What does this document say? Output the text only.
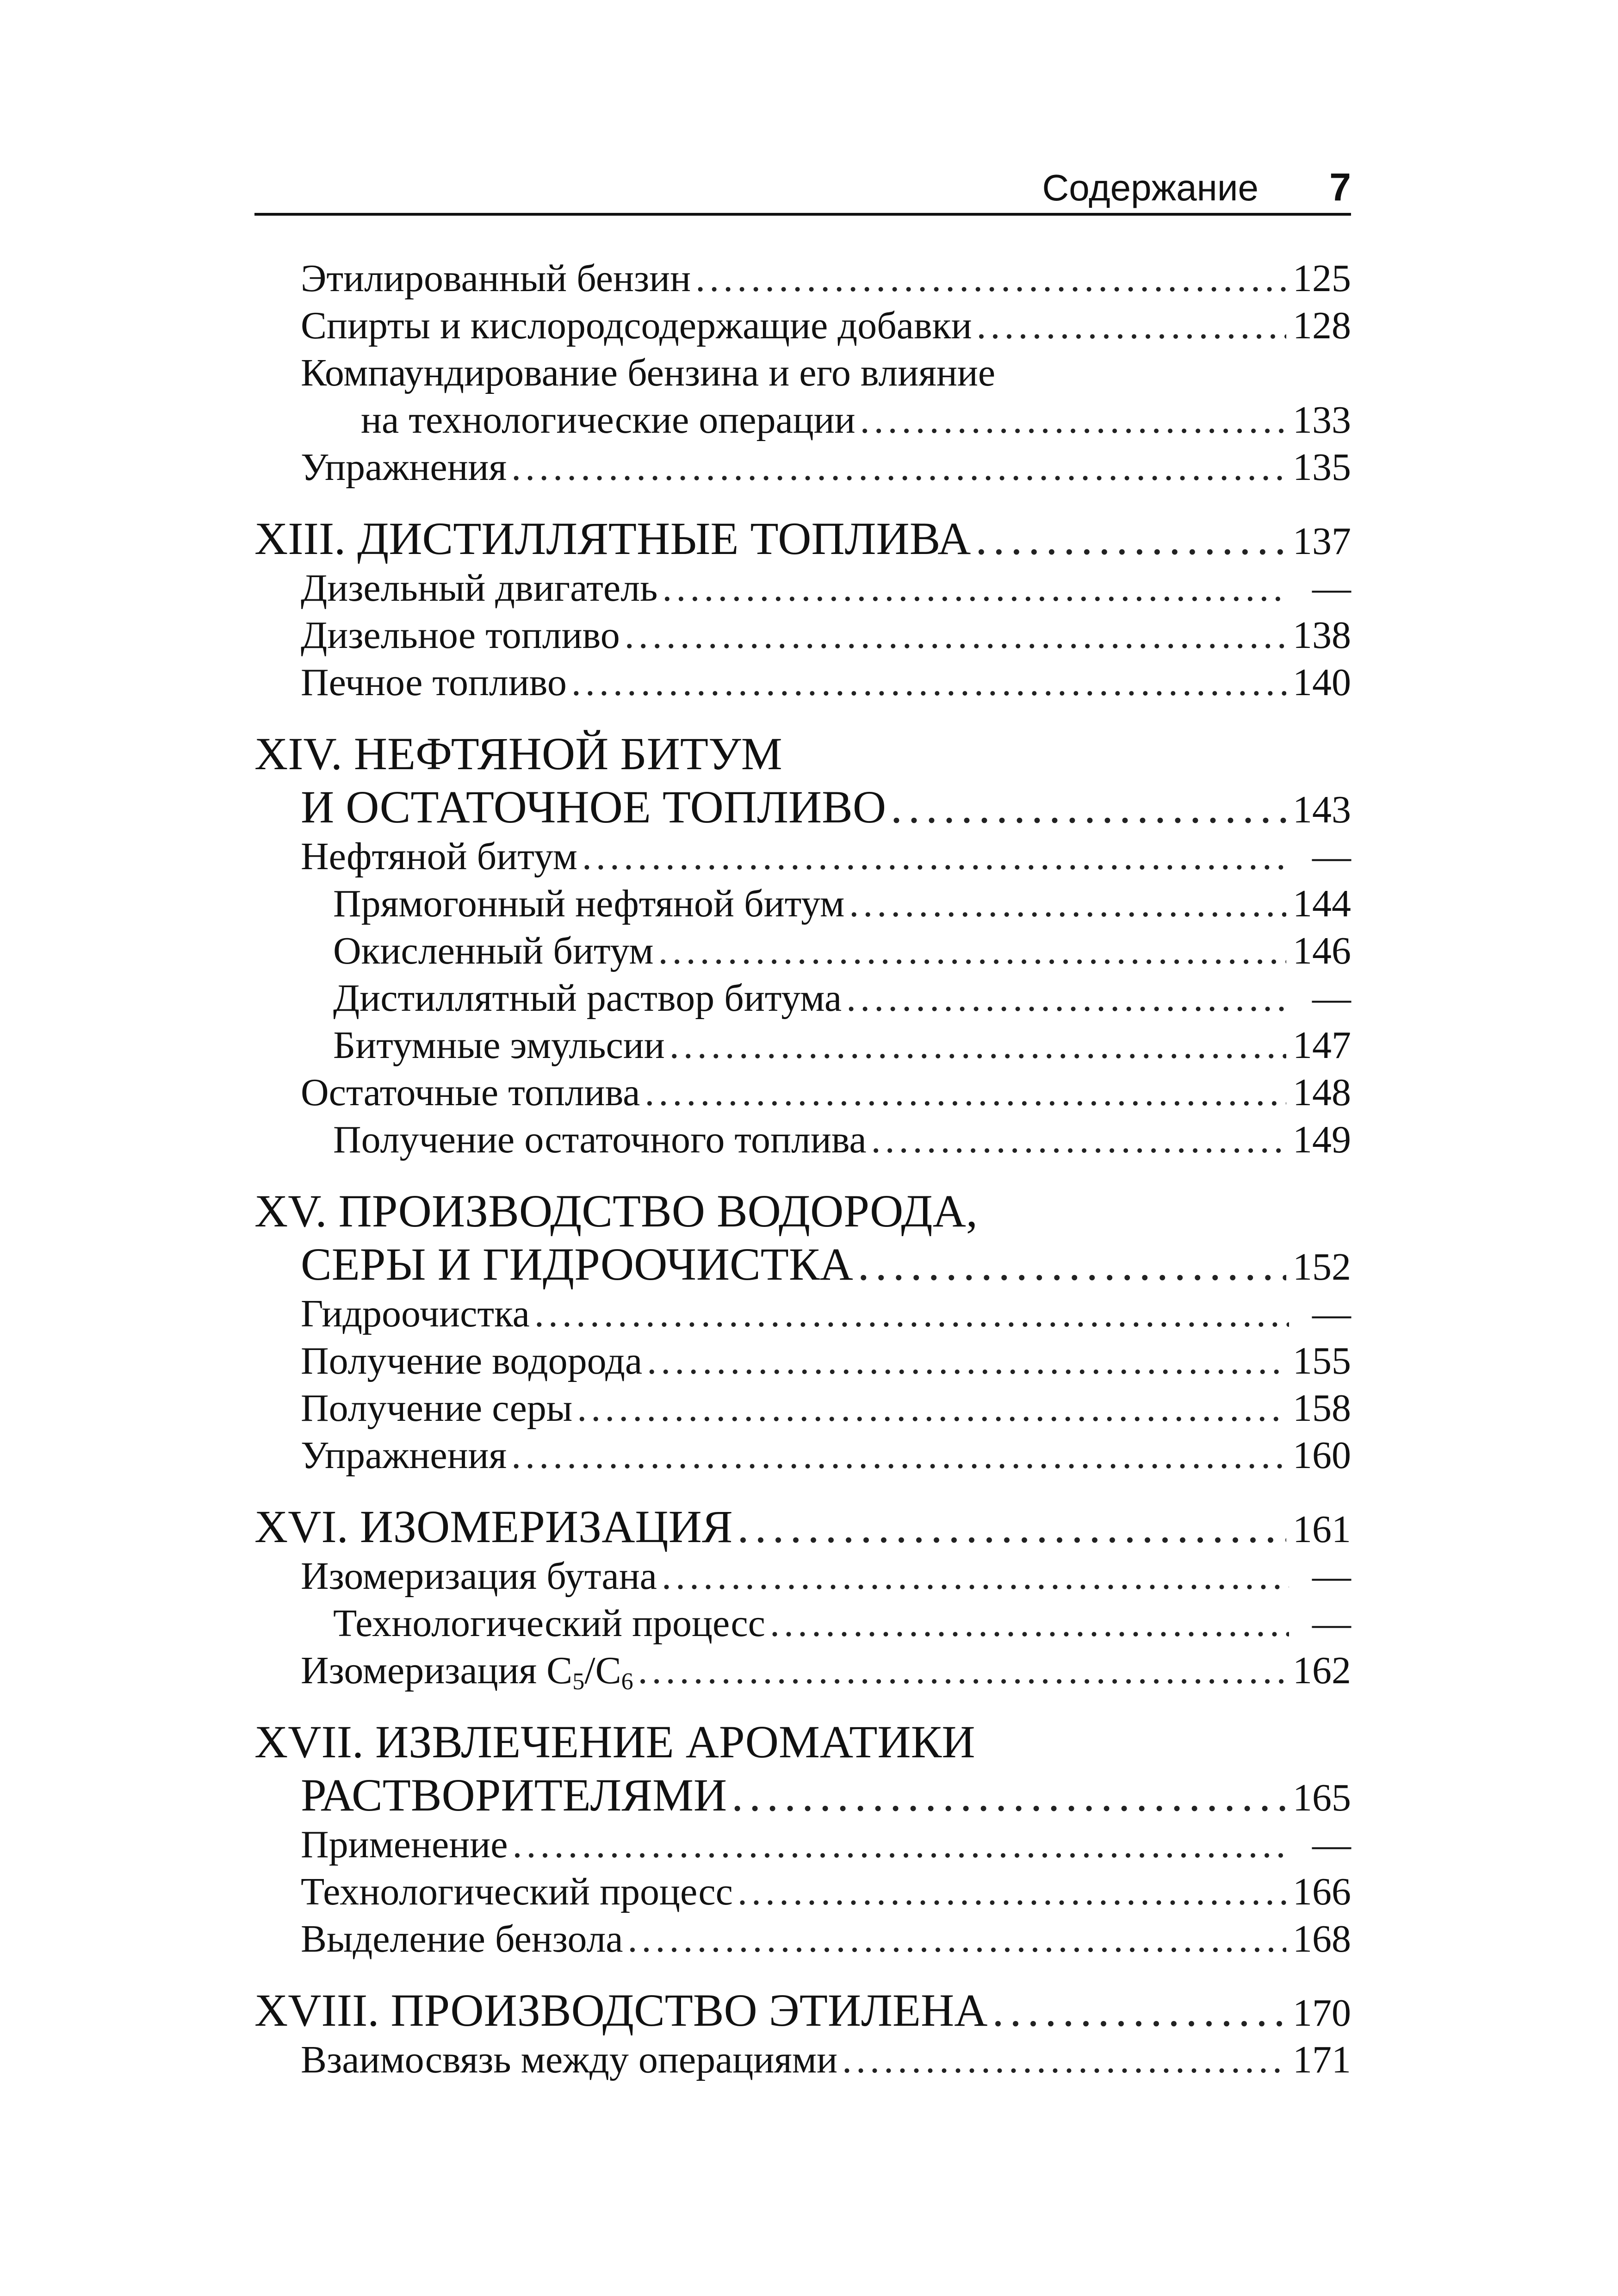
Содержание 7
Этилированный бензин . . .	125
Спирты и кислородсодержащие добавки . . .	128
Компаундирование бензина и его влияние
на технологические операции . . .	133
Упражнения . . .	135
XIII. ДИСТИЛЛЯТНЫЕ ТОПЛИВА . . .	137
Дизельный двигатель . . .	—
Дизельное топливо . . .	138
Печное топливо . . .	140
XIV. НЕФТЯНОЙ БИТУМ
И ОСТАТОЧНОЕ ТОПЛИВО . . .	143
Нефтяной битум . . .	—
Прямогонный нефтяной битум . . .	144
Окисленный битум . . .	146
Дистиллятный раствор битума . . .	—
Битумные эмульсии . . .	147
Остаточные топлива . . .	148
Получение остаточного топлива . . .	149
XV. ПРОИЗВОДСТВО ВОДОРОДА,
СЕРЫ И ГИДРООЧИСТКА . . .	152
Гидроочистка . . .	—
Получение водорода . . .	155
Получение серы . . .	158
Упражнения . . .	160
XVI. ИЗОМЕРИЗАЦИЯ . . .	161
Изомеризация бутана . . .	—
Технологический процесс . . .	—
Изомеризация $C_5/C_6$ . . .	162
XVII. ИЗВЛЕЧЕНИЕ АРОМАТИКИ
РАСТВОРИТЕЛЯМИ . . .	165
Применение . . .	—
Технологический процесс . . .	166
Выделение бензола . . .	168
XVIII. ПРОИЗВОДСТВО ЭТИЛЕНА . . .	170
Взаимосвязь между операциями . . .	171
